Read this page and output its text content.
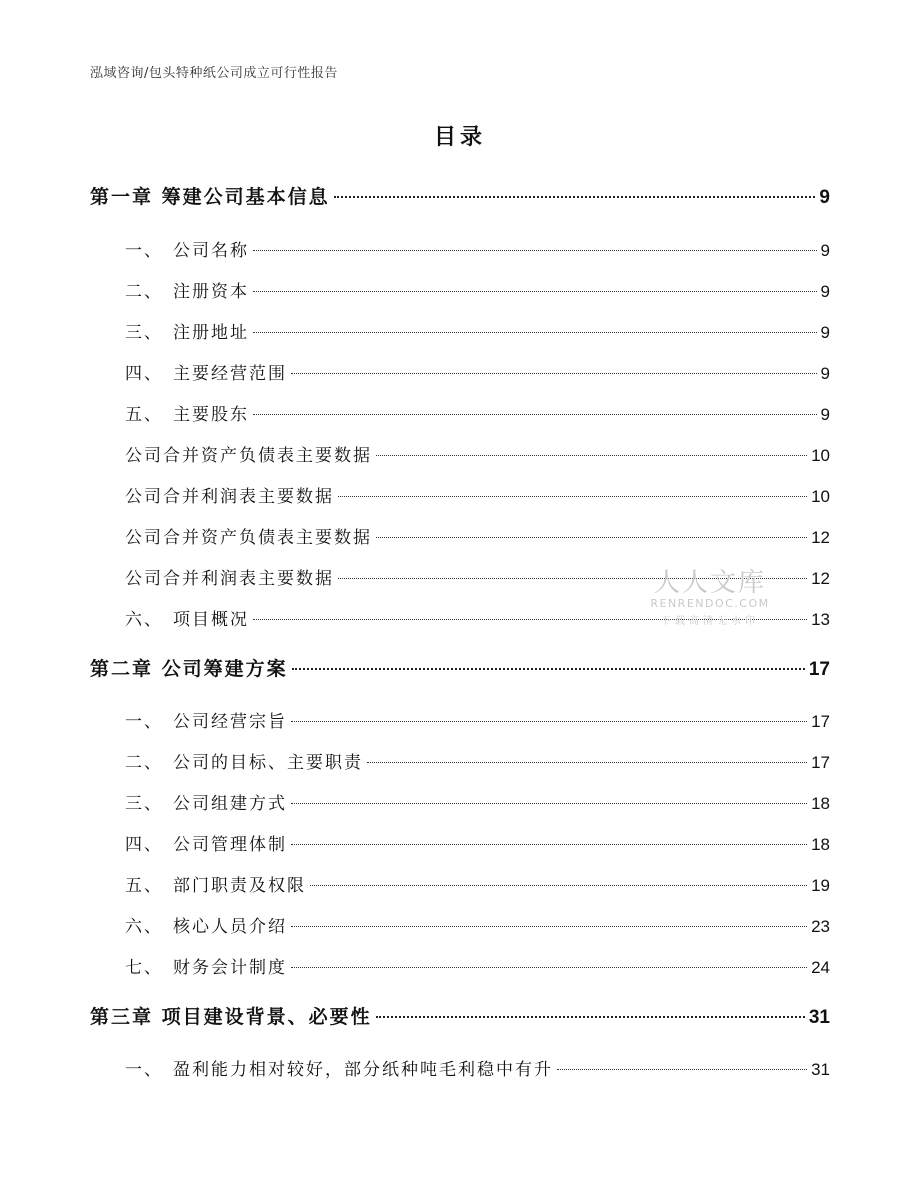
泓域咨询/包头特种纸公司成立可行性报告
目录
第一章 筹建公司基本信息	9
一、 公司名称	9
二、 注册资本	9
三、 注册地址	9
四、 主要经营范围	9
五、 主要股东	9
公司合并资产负债表主要数据	10
公司合并利润表主要数据	10
公司合并资产负债表主要数据	12
公司合并利润表主要数据	12
六、 项目概况	13
第二章 公司筹建方案	17
一、 公司经营宗旨	17
二、 公司的目标、主要职责	17
三、 公司组建方式	18
四、 公司管理体制	18
五、 部门职责及权限	19
六、 核心人员介绍	23
七、 财务会计制度	24
第三章 项目建设背景、必要性	31
一、 盈利能力相对较好，部分纸种吨毛利稳中有升	31
人人文库
RENRENDOC.COM
下载高清无水印
